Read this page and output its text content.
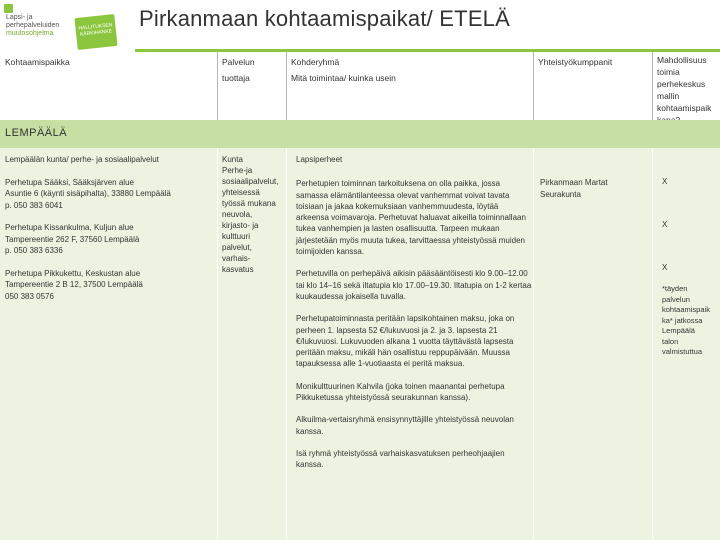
Lapsi- ja
perhepalveluiden
muutosohjelma
HALLITUKSEN KÄRKIHANKE
Pirkanmaan kohtaamispaikat/ ETELÄ
Kohtaamispaikka	Palvelun
tuottaja
Kohderyhmä
Mitä toimintaa/ kuinka usein
Yhteistyökumppanit	Mahdollisuus
toimia
perhekeskus
mallin
kohtaamispaik
LEMPÄÄLÄ

Lempäälän kunta/ perhe- ja sosiaalipalvelut

Perhetupa Sääksi, Sääksjärven alue
Asuntie 6 (käynti sisäpihalta), 33880 Lempäälä
p. 050 383 6041

Perhetupa Kissankulma, Kuljun alue
Tampereentie 262 F, 37560 Lempäälä
p. 050 383 6336

Perhetupa Pikkukettu, Keskustan alue
Tampereentie 2 B 12, 37500 Lempäälä
050 383 0576

Kunta
Perhe-ja
sosiaalipalvelut,
yhteisessä
työssä mukana
neuvola,
kirjasto- ja
kulttuuri
palvelut,
varhais-
kasvatus

Lapsiperheet

Perhetupien toiminnan tarkoituksena on olla paikka, jossa samassa elämäntilanteessa olevat vanhemmat voivat tavata toisiaan ja jakaa kokemuksiaan vanhemmuudesta, löytää arkeensa voimavaroja. Perhetuvat haluavat aikeilla toiminnallaan tukea vanhempien ja lasten osallisuutta. Tarpeen mukaan järjestetään myös muuta tukea, tarvittaessa yhteistyössä muiden toimijoiden kanssa.

Perhetuvilla on perhepäivä aikisin pääsääntöisesti klo 9.00–12.00 tai klo 14–16 sekä iltatupia klo 17.00–19.30. Iltatupia on 1-2 kertaa kuukaudessa jokaisella tuvalla.

Perhetupatoiminnasta peritään lapsikohtainen maksu, joka on perheen 1. lapsesta 52 €/lukuvuosi ja 2. ja 3. lapsesta 21 €/lukuvuosi. Lukuvuoden alkana 1 vuotta täyttävästä lapsesta peritään maksu, mikäli hän osallistuu reppupäivään. Muussa tapauksessa alle 1-vuotiaasta ei peritä maksua.

Monikulttuurinen Kahvila (joka toinen maanantai perhetupa Pikkuketussa yhteistyössä seurakunnan kanssa).

Alkuilma-vertaisryhmä ensisynnyttäjille yhteistyössä neuvolan kanssa.

Isä ryhmä yhteistyössä varhaiskasvatuksen perheohjaajien kanssa.

Pirkanmaan Martat
Seurakunta
X
X
X
*täyden
palvelun
kohtaamispaik
ka* jatkossa
Lempäälä
talon
valmistuttua
